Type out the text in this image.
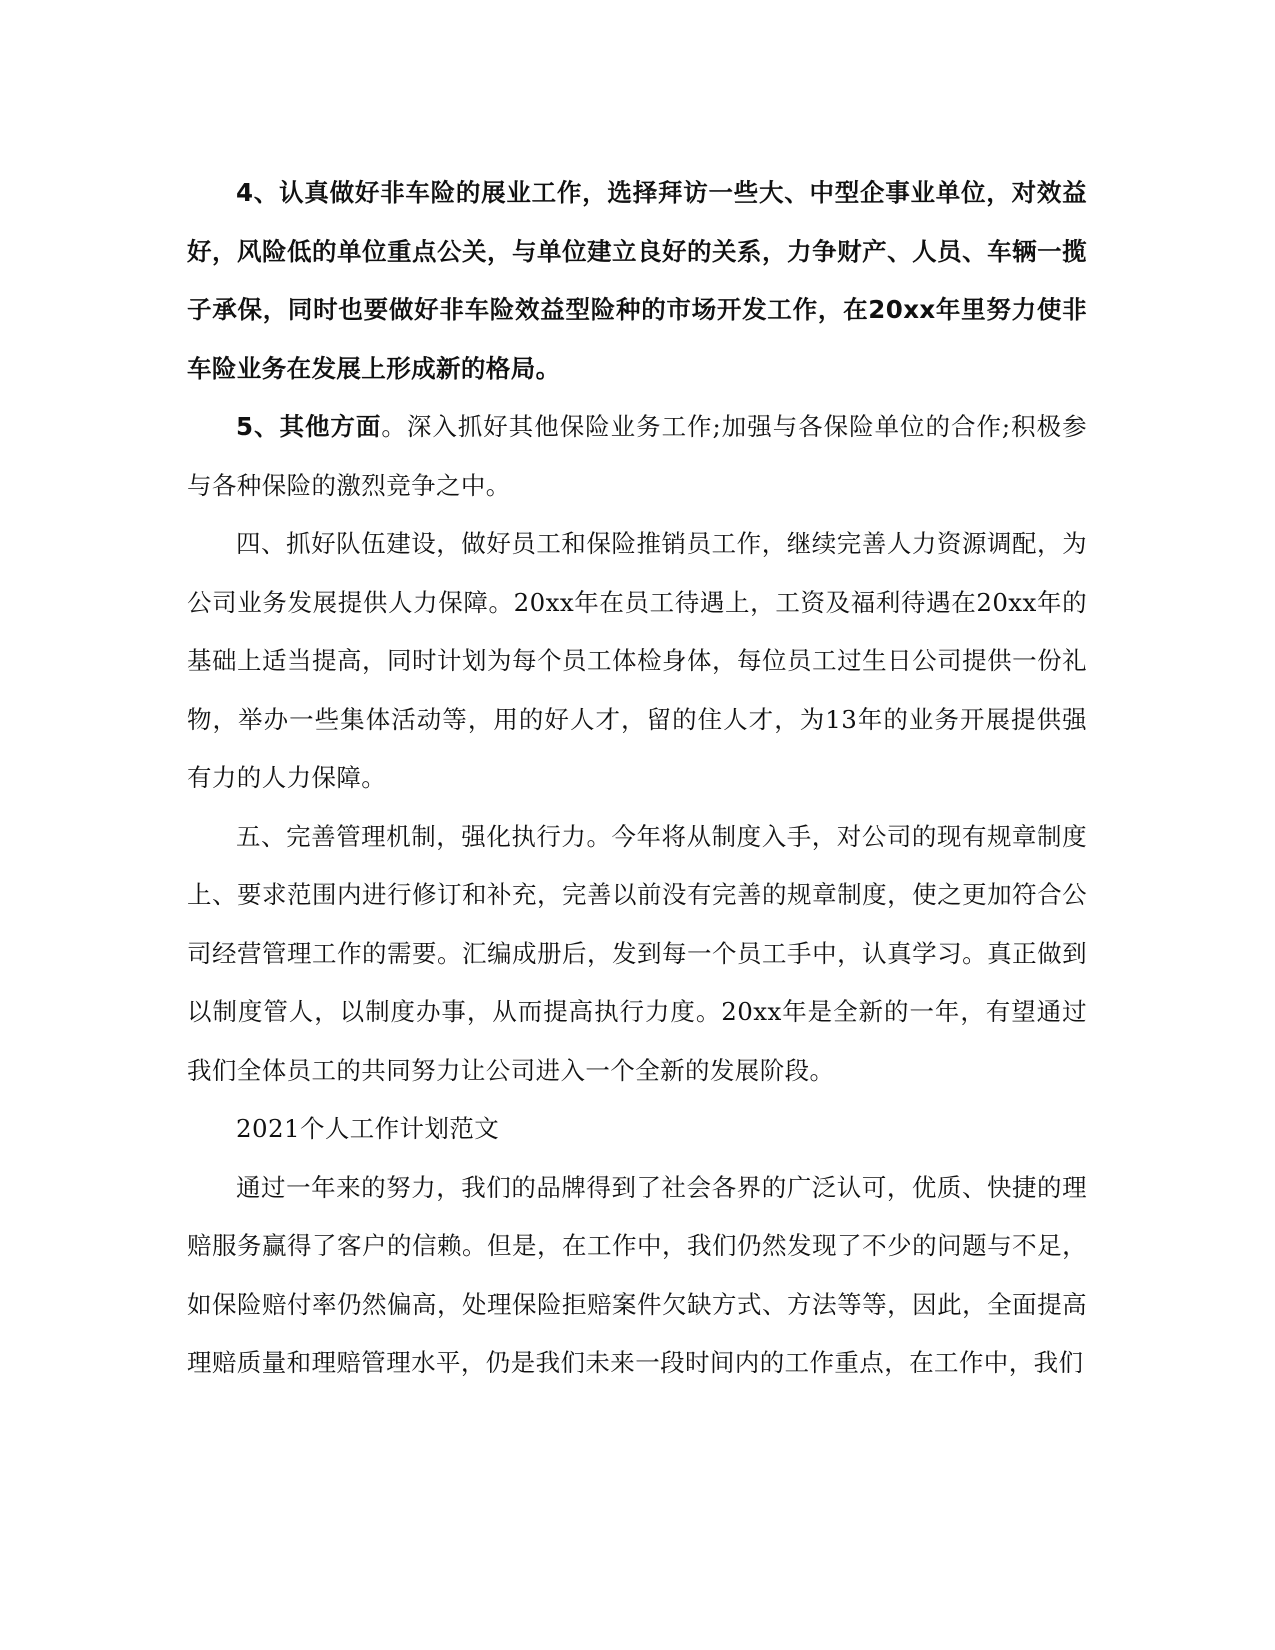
4、认真做好非车险的展业工作，选择拜访一些大、中型企事业单位，对效益好，风险低的单位重点公关，与单位建立良好的关系，力争财产、人员、车辆一揽子承保，同时也要做好非车险效益型险种的市场开发工作，在20xx年里努力使非车险业务在发展上形成新的格局。

5、其他方面。深入抓好其他保险业务工作;加强与各保险单位的合作;积极参与各种保险的激烈竞争之中。

四、抓好队伍建设，做好员工和保险推销员工作，继续完善人力资源调配，为公司业务发展提供人力保障。20xx年在员工待遇上，工资及福利待遇在20xx年的基础上适当提高，同时计划为每个员工体检身体，每位员工过生日公司提供一份礼物，举办一些集体活动等，用的好人才，留的住人才，为13年的业务开展提供强有力的人力保障。

五、完善管理机制，强化执行力。今年将从制度入手，对公司的现有规章制度上、要求范围内进行修订和补充，完善以前没有完善的规章制度，使之更加符合公司经营管理工作的需要。汇编成册后，发到每一个员工手中，认真学习。真正做到以制度管人，以制度办事，从而提高执行力度。20xx年是全新的一年，有望通过我们全体员工的共同努力让公司进入一个全新的发展阶段。

2021个人工作计划范文

通过一年来的努力，我们的品牌得到了社会各界的广泛认可，优质、快捷的理赔服务赢得了客户的信赖。但是，在工作中，我们仍然发现了不少的问题与不足，如保险赔付率仍然偏高，处理保险拒赔案件欠缺方式、方法等等，因此，全面提高理赔质量和理赔管理水平，仍是我们未来一段时间内的工作重点，在工作中，我们
